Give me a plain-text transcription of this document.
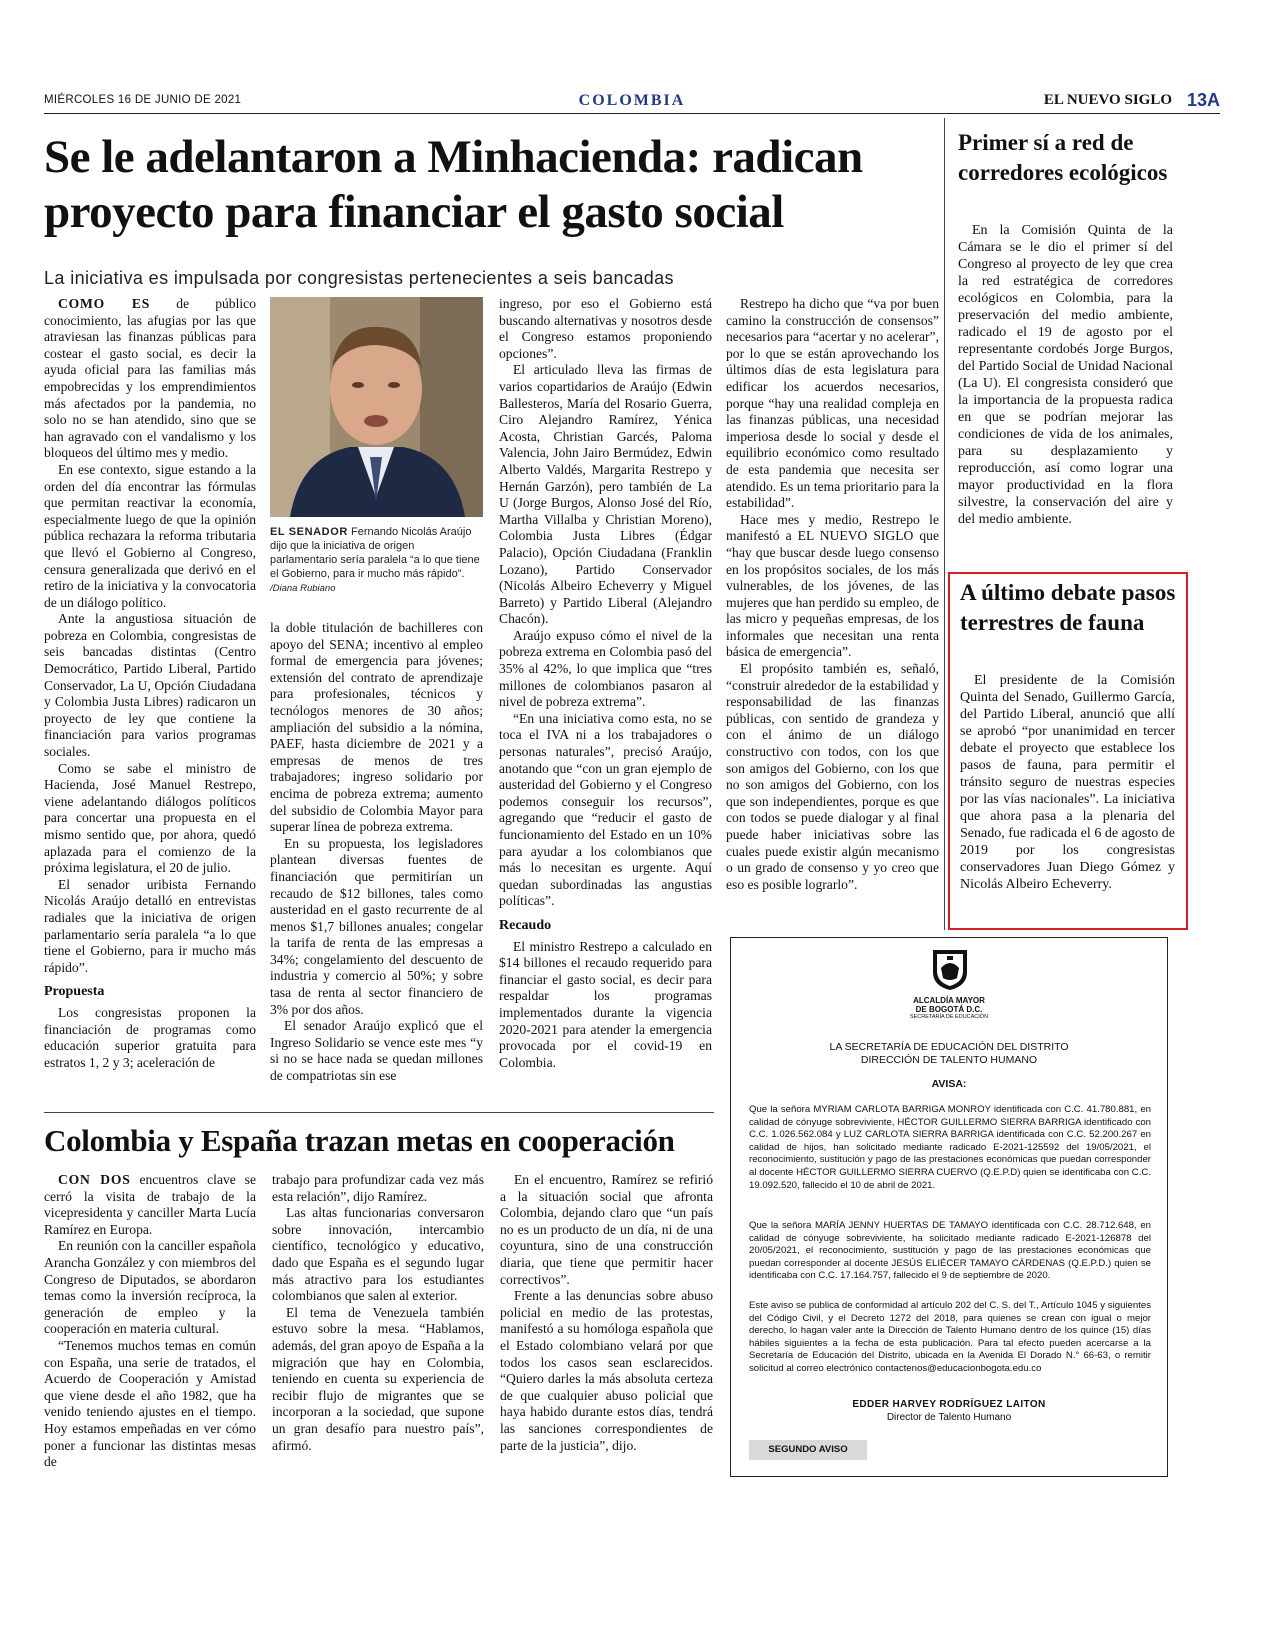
MIÉRCOLES 16 DE JUNIO DE 2021	COLOMBIA	EL NUEVO SIGLO 13A
Se le adelantaron a Minhacienda: radican proyecto para financiar el gasto social
La iniciativa es impulsada por congresistas pertenecientes a seis bancadas

COMO ES de público conocimiento, las afugias por las que atraviesan las finanzas públicas para costear el gasto social, es decir la ayuda oficial para las familias más empobrecidas y los emprendimientos más afectados por la pandemia, no solo no se han atendido, sino que se han agravado con el vandalismo y los bloqueos del último mes y medio.

En ese contexto, sigue estando a la orden del día encontrar las fórmulas que permitan reactivar la economía, especialmente luego de que la opinión pública rechazara la reforma tributaria que llevó el Gobierno al Congreso, censura generalizada que derivó en el retiro de la iniciativa y la convocatoria de un diálogo político.

Ante la angustiosa situación de pobreza en Colombia, congresistas de seis bancadas distintas (Centro Democrático, Partido Liberal, Partido Conservador, La U, Opción Ciudadana y Colombia Justa Libres) radicaron un proyecto de ley que contiene la financiación para varios programas sociales.

Como se sabe el ministro de Hacienda, José Manuel Restrepo, viene adelantando diálogos políticos para concertar una propuesta en el mismo sentido que, por ahora, quedó aplazada para el comienzo de la próxima legislatura, el 20 de julio.

El senador uribista Fernando Nicolás Araújo detalló en entrevistas radiales que la iniciativa de origen parlamentario sería paralela “a lo que tiene el Gobierno, para ir mucho más rápido”.

Propuesta

Los congresistas proponen la financiación de programas como educación superior gratuita para estratos 1, 2 y 3; aceleración de

EL SENADOR Fernando Nicolás Araújo dijo que la iniciativa de origen parlamentario sería paralela “a lo que tiene el Gobierno, para ir mucho más rápido”. /Diana Rubiano

la doble titulación de bachilleres con apoyo del SENA; incentivo al empleo formal de emergencia para jóvenes; extensión del contrato de aprendizaje para profesionales, técnicos y tecnólogos menores de 30 años; ampliación del subsidio a la nómina, PAEF, hasta diciembre de 2021 y a empresas de menos de tres trabajadores; ingreso solidario por encima de pobreza extrema; aumento del subsidio de Colombia Mayor para superar línea de pobreza extrema.

En su propuesta, los legisladores plantean diversas fuentes de financiación que permitirían un recaudo de $12 billones, tales como austeridad en el gasto recurrente de al menos $1,7 billones anuales; congelar la tarifa de renta de las empresas a 34%; congelamiento del descuento de industria y comercio al 50%; y sobre tasa de renta al sector financiero de 3% por dos años.

El senador Araújo explicó que el Ingreso Solidario se vence este mes “y si no se hace nada se quedan millones de compatriotas sin ese

ingreso, por eso el Gobierno está buscando alternativas y nosotros desde el Congreso estamos proponiendo opciones”.

El articulado lleva las firmas de varios copartidarios de Araújo (Edwin Ballesteros, María del Rosario Guerra, Ciro Alejandro Ramírez, Yénica Acosta, Christian Garcés, Paloma Valencia, John Jairo Bermúdez, Edwin Alberto Valdés, Margarita Restrepo y Hernán Garzón), pero también de La U (Jorge Burgos, Alonso José del Río, Martha Villalba y Christian Moreno), Colombia Justa Libres (Édgar Palacio), Opción Ciudadana (Franklin Lozano), Partido Conservador (Nicolás Albeiro Echeverry y Miguel Barreto) y Partido Liberal (Alejandro Chacón).

Araújo expuso cómo el nivel de la pobreza extrema en Colombia pasó del 35% al 42%, lo que implica que “tres millones de colombianos pasaron al nivel de pobreza extrema”.

“En una iniciativa como esta, no se toca el IVA ni a los trabajadores o personas naturales”, precisó Araújo, anotando que “con un gran ejemplo de austeridad del Gobierno y el Congreso podemos conseguir los recursos”, agregando que “reducir el gasto de funcionamiento del Estado en un 10% para ayudar a los colombianos que más lo necesitan es urgente. Aquí quedan subordinadas las angustias políticas”.

Recaudo

El ministro Restrepo a calculado en $14 billones el recaudo requerido para financiar el gasto social, es decir para respaldar los programas implementados durante la vigencia 2020-2021 para atender la emergencia provocada por el covid-19 en Colombia.

Restrepo ha dicho que “va por buen camino la construcción de consensos” necesarios para “acertar y no acelerar”, por lo que se están aprovechando los últimos días de esta legislatura para edificar los acuerdos necesarios, porque “hay una realidad compleja en las finanzas públicas, una necesidad imperiosa desde lo social y desde el equilibrio económico como resultado de esta pandemia que necesita ser atendido. Es un tema prioritario para la estabilidad”.

Hace mes y medio, Restrepo le manifestó a EL NUEVO SIGLO que “hay que buscar desde luego consenso en los propósitos sociales, de los más vulnerables, de los jóvenes, de las mujeres que han perdido su empleo, de las micro y pequeñas empresas, de los informales que necesitan una renta básica de emergencia”.

El propósito también es, señaló, “construir alrededor de la estabilidad y responsabilidad de las finanzas públicas, con sentido de grandeza y con el ánimo de un diálogo constructivo con todos, con los que son amigos del Gobierno, con los que no son amigos del Gobierno, con los que son independientes, porque es que con todos se puede dialogar y al final puede haber iniciativas sobre las cuales puede existir algún mecanismo o un grado de consenso y yo creo que eso es posible lograrlo”.

Colombia y España trazan metas en cooperación

CON DOS encuentros clave se cerró la visita de trabajo de la vicepresidenta y canciller Marta Lucía Ramírez en Europa.

En reunión con la canciller española Arancha González y con miembros del Congreso de Diputados, se abordaron temas como la inversión recíproca, la generación de empleo y la cooperación en materia cultural.

“Tenemos muchos temas en común con España, una serie de tratados, el Acuerdo de Cooperación y Amistad que viene desde el año 1982, que ha venido teniendo ajustes en el tiempo. Hoy estamos empeñadas en ver cómo poner a funcionar las distintas mesas de

trabajo para profundizar cada vez más esta relación”, dijo Ramírez.

Las altas funcionarias conversaron sobre innovación, intercambio científico, tecnológico y educativo, dado que España es el segundo lugar más atractivo para los estudiantes colombianos que salen al exterior.

El tema de Venezuela también estuvo sobre la mesa. “Hablamos, además, del gran apoyo de España a la migración que hay en Colombia, teniendo en cuenta su experiencia de recibir flujo de migrantes que se incorporan a la sociedad, que supone un gran desafío para nuestro país”, afirmó.

En el encuentro, Ramírez se refirió a la situación social que afronta Colombia, dejando claro que “un país no es un producto de un día, ni de una coyuntura, sino de una construcción diaria, que tiene que permitir hacer correctivos”.

Frente a las denuncias sobre abuso policial en medio de las protestas, manifestó a su homóloga española que el Estado colombiano velará por que todos los casos sean esclarecidos. “Quiero darles la más absoluta certeza de que cualquier abuso policial que haya habido durante estos días, tendrá las sanciones correspondientes de parte de la justicia”, dijo.

Primer sí a red de corredores ecológicos

En la Comisión Quinta de la Cámara se le dio el primer sí del Congreso al proyecto de ley que crea la red estratégica de corredores ecológicos en Colombia, para la preservación del medio ambiente, radicado el 19 de agosto por el representante cordobés Jorge Burgos, del Partido Social de Unidad Nacional (La U). El congresista consideró que la importancia de la propuesta radica en que se podrían mejorar las condiciones de vida de los animales, para su desplazamiento y reproducción, así como lograr una mayor productividad en la flora silvestre, la conservación del aire y del medio ambiente.

A último debate pasos terrestres de fauna

El presidente de la Comisión Quinta del Senado, Guillermo García, del Partido Liberal, anunció que allí se aprobó “por unanimidad en tercer debate el proyecto que establece los pasos de fauna, para permitir el tránsito seguro de nuestras especies por las vías nacionales”. La iniciativa que ahora pasa a la plenaria del Senado, fue radicada el 6 de agosto de 2019 por los congresistas conservadores Juan Diego Gómez y Nicolás Albeiro Echeverry.

ALCALDÍA MAYOR
DE BOGOTÁ D.C.
SECRETARÍA DE EDUCACIÓN
LA SECRETARÍA DE EDUCACIÓN DEL DISTRITO
DIRECCIÓN DE TALENTO HUMANO
AVISA:
Que la señora MYRIAM CARLOTA BARRIGA MONROY identificada con C.C. 41.780.881, en calidad de cónyuge sobreviviente, HÉCTOR GUILLERMO SIERRA BARRIGA identificado con C.C. 1.026.562.084 y LUZ CARLOTA SIERRA BARRIGA identificada con C.C. 52.200.267 en calidad de hijos, han solicitado mediante radicado E-2021-125592 del 19/05/2021, el reconocimiento, sustitución y pago de las prestaciones económicas que puedan corresponder al docente HÉCTOR GUILLERMO SIERRA CUERVO (Q.E.P.D) quien se identificaba con C.C. 19.092.520, fallecido el 10 de abril de 2021.
Que la señora MARÍA JENNY HUERTAS DE TAMAYO identificada con C.C. 28.712.648, en calidad de cónyuge sobreviviente, ha solicitado mediante radicado E-2021-126878 del 20/05/2021, el reconocimiento, sustitución y pago de las prestaciones económicas que puedan corresponder al docente JESÚS ELIÉCER TAMAYO CÁRDENAS (Q.E.P.D.) quien se identificaba con C.C. 17.164.757, fallecido el 9 de septiembre de 2020.
Este aviso se publica de conformidad al artículo 202 del C. S. del T., Artículo 1045 y siguientes del Código Civil, y el Decreto 1272 del 2018, para quienes se crean con igual o mejor derecho, lo hagan valer ante la Dirección de Talento Humano dentro de los quince (15) días hábiles siguientes a la fecha de esta publicación. Para tal efecto pueden acercarse a la Secretaría de Educación del Distrito, ubicada en la Avenida El Dorado N.° 66-63, o remitir solicitud al correo electrónico contactenos@educacionbogota.edu.co
EDDER HARVEY RODRÍGUEZ LAITON
Director de Talento Humano
SEGUNDO AVISO
